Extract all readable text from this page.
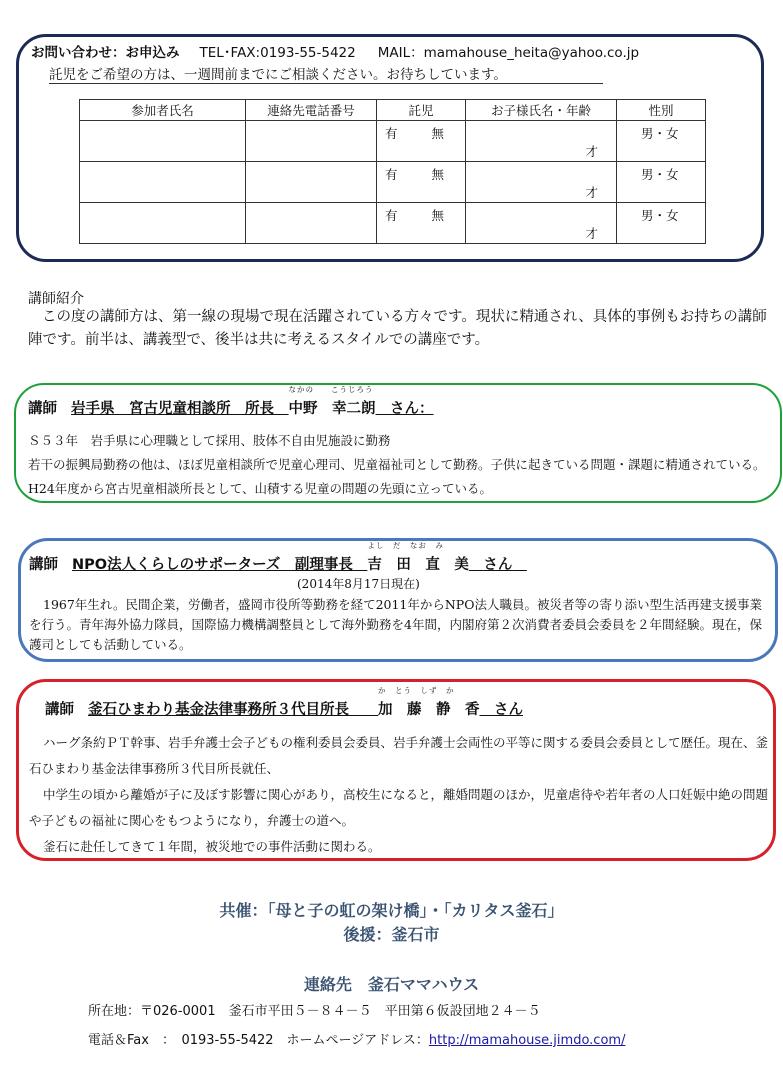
お問い合わせ：お申込み TEL･FAX:0193-55-5422 MAIL：mamahouse_heita@yahoo.co.jp
託児をご希望の方は、一週間前までにご相談ください。お待ちしています。
参加者氏名	連絡先電話番号	託児	お子様氏名・年齢	性別

		有 無	才	男・女

		有 無	才	男・女

		有 無	才	男・女
講師紹介

この度の講師方は、第一線の現場で現在活躍されている方々です。現状に精通され、具体的事例もお持ちの講師陣です。前半は、講義型で、後半は共に考えるスタイルでの講座です。

講師 岩手県　宮古児童相談所　所長　
なかの　　こうじろう
中野　幸二朗　 さん：

Ｓ５３年　岩手県に心理職として採用、肢体不自由児施設に勤務

若干の振興局勤務の他は、ほぼ児童相談所で児童心理司、児童福祉司として勤務。子供に起きている問題・課題に精通されている。H24年度から宮古児童相談所長として、山積する児童の問題の先頭に立っている。

講師 NPO法人くらしのサポーターズ　副理事長　
よし　だ　なお　み
吉　田　直　美　 さん　
(2014年8月17日現在)

1967年生れ。民間企業，労働者，盛岡市役所等勤務を経て2011年からNPO法人職員。被災者等の寄り添い型生活再建支援事業を行う。青年海外協力隊員，国際協力機構調整員として海外勤務を4年間，内閣府第２次消費者委員会委員を２年間経験。現在，保護司としても活動している。

講師 釜石ひまわり基金法律事務所３代目所長　　
か　とう　しず　か
加　藤　静　香　 さん

ハーグ条約ＰＴ幹事、岩手弁護士会子どもの権利委員会委員、岩手弁護士会両性の平等に関する委員会委員として歴任。現在、釜石ひまわり基金法律事務所３代目所長就任、

中学生の頃から離婚が子に及ぼす影響に関心があり，高校生になると，離婚問題のほか，児童虐待や若年者の人口妊娠中絶の問題や子どもの福祉に関心をもつようになり，弁護士の道へ。

釜石に赴任してきて１年間，被災地での事件活動に関わる。

共催：「母と子の虹の架け橋」・「カリタス釜石」
後援：釜石市
連絡先　釜石ママハウス
所在地：〒026-0001　釜石市平田５－８４－５　平田第６仮設団地２４－５
電話＆Fax　：　0193-55-5422　ホームページアドレス：http://mamahouse.jimdo.com/
